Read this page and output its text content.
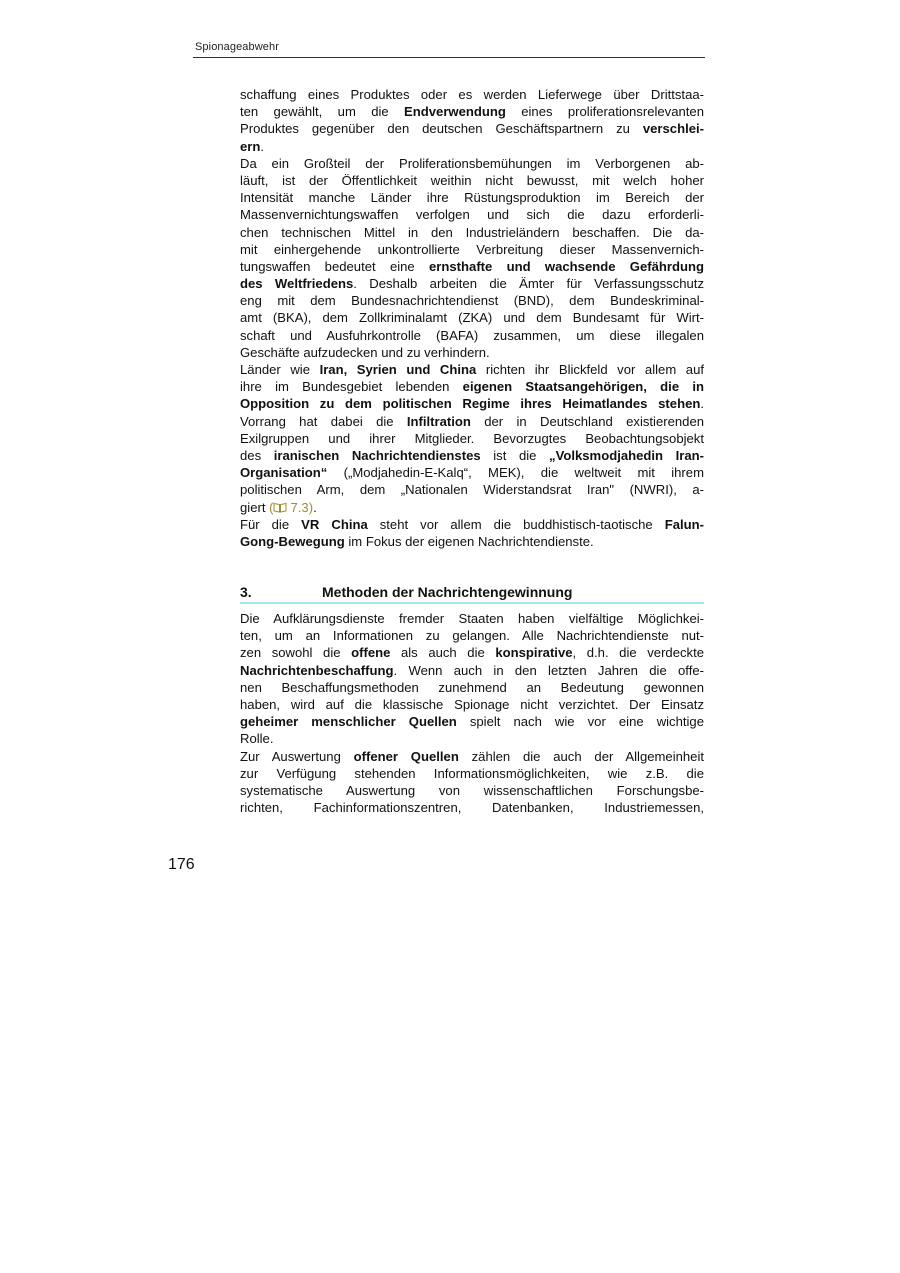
Spionageabwehr
schaffung eines Produktes oder es werden Lieferwege über Drittstaa-
ten gewählt, um die Endverwendung eines proliferationsrelevanten
Produktes gegenüber den deutschen Geschäftspartnern zu verschlei-
ern.
Da ein Großteil der Proliferationsbemühungen im Verborgenen ab-
läuft, ist der Öffentlichkeit weithin nicht bewusst, mit welch hoher
Intensität manche Länder ihre Rüstungsproduktion im Bereich der
Massenvernichtungswaffen verfolgen und sich die dazu erforderli-
chen technischen Mittel in den Industrieländern beschaffen. Die da-
mit einhergehende unkontrollierte Verbreitung dieser Massenvernich-
tungswaffen bedeutet eine ernsthafte und wachsende Gefährdung
des Weltfriedens. Deshalb arbeiten die Ämter für Verfassungsschutz
eng mit dem Bundesnachrichtendienst (BND), dem Bundeskriminal-
amt (BKA), dem Zollkriminalamt (ZKA) und dem Bundesamt für Wirt-
schaft und Ausfuhrkontrolle (BAFA) zusammen, um diese illegalen
Geschäfte aufzudecken und zu verhindern.
Länder wie Iran, Syrien und China richten ihr Blickfeld vor allem auf
ihre im Bundesgebiet lebenden eigenen Staatsangehörigen, die in
Opposition zu dem politischen Regime ihres Heimatlandes stehen.
Vorrang hat dabei die Infiltration der in Deutschland existierenden
Exilgruppen und ihrer Mitglieder. Bevorzugtes Beobachtungsobjekt
des iranischen Nachrichtendienstes ist die „Volksmodjahedin Iran-
Organisation“ („Modjahedin-E-Kalq“, MEK), die weltweit mit ihrem
politischen Arm, dem „Nationalen Widerstandsrat Iran" (NWRI), a-
giert ( 7.3).
Für die VR China steht vor allem die buddhistisch-taotische Falun-
Gong-Bewegung im Fokus der eigenen Nachrichtendienste.
3.	Methoden der Nachrichtengewinnung
Die Aufklärungsdienste fremder Staaten haben vielfältige Möglichkei-
ten, um an Informationen zu gelangen. Alle Nachrichtendienste nut-
zen sowohl die offene als auch die konspirative, d.h. die verdeckte
Nachrichtenbeschaffung. Wenn auch in den letzten Jahren die offe-
nen Beschaffungsmethoden zunehmend an Bedeutung gewonnen
haben, wird auf die klassische Spionage nicht verzichtet. Der Einsatz
geheimer menschlicher Quellen spielt nach wie vor eine wichtige
Rolle.
Zur Auswertung offener Quellen zählen die auch der Allgemeinheit
zur Verfügung stehenden Informationsmöglichkeiten, wie z.B. die
systematische Auswertung von wissenschaftlichen Forschungsbe-
richten, Fachinformationszentren, Datenbanken, Industriemessen,
176
